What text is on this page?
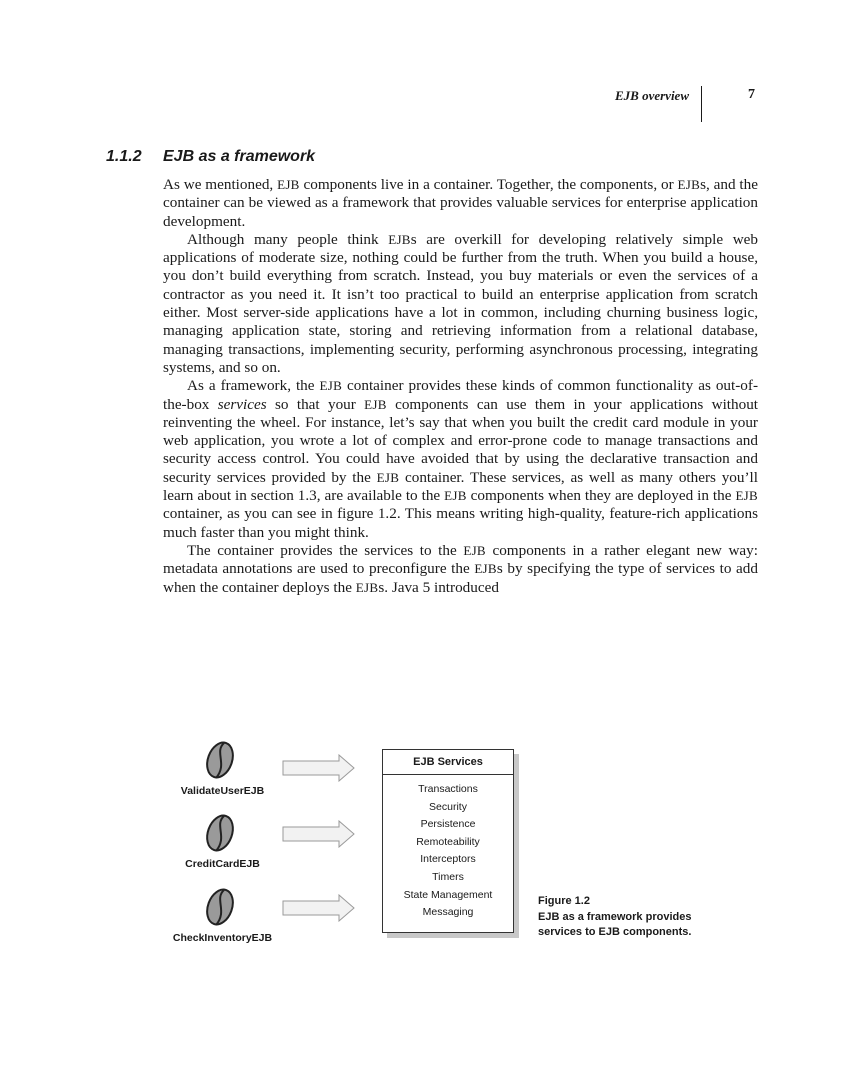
EJB overview	7
1.1.2 EJB as a framework

As we mentioned, EJB components live in a container. Together, the components, or EJBs, and the container can be viewed as a framework that provides valuable services for enterprise application development.

Although many people think EJBs are overkill for developing relatively simple web applications of moderate size, nothing could be further from the truth. When you build a house, you don’t build everything from scratch. Instead, you buy materials or even the services of a contractor as you need it. It isn’t too practical to build an enterprise application from scratch either. Most server-side applications have a lot in common, including churning business logic, managing application state, storing and retrieving information from a relational database, managing transactions, implementing security, performing asynchronous processing, integrating systems, and so on.

As a framework, the EJB container provides these kinds of common functionality as out-of-the-box services so that your EJB components can use them in your applications without reinventing the wheel. For instance, let’s say that when you built the credit card module in your web application, you wrote a lot of complex and error-prone code to manage transactions and security access control. You could have avoided that by using the declarative transaction and security services provided by the EJB container. These services, as well as many others you’ll learn about in section 1.3, are available to the EJB components when they are deployed in the EJB container, as you can see in figure 1.2. This means writing high-quality, feature-rich applications much faster than you might think.

The container provides the services to the EJB components in a rather elegant new way: metadata annotations are used to preconfigure the EJBs by specifying the type of services to add when the container deploys the EJBs. Java 5 introduced

ValidateUserEJB
CreditCardEJB
CheckInventoryEJB
EJB Services
Transactions
Security
Persistence
Remoteability
Interceptors
Timers
State Management
Messaging
Figure 1.2
EJB as a framework provides
services to EJB components.
